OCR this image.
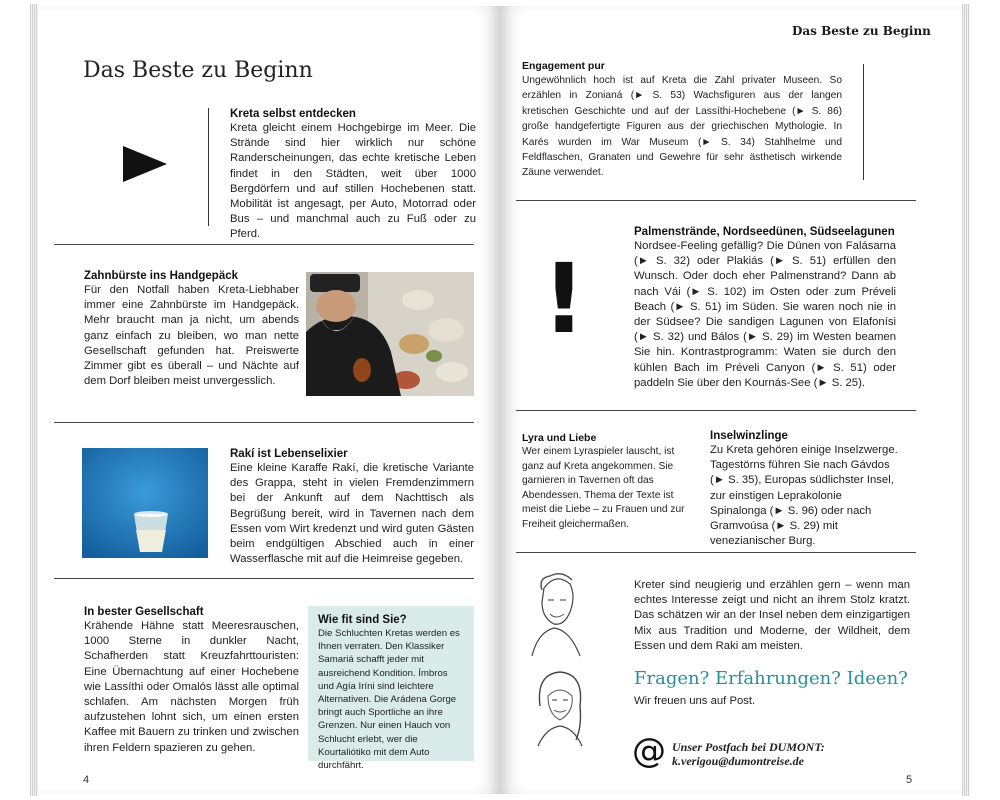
Das Beste zu Beginn
Kreta selbst entdecken

Kreta gleicht einem Hochgebirge im Meer. Die Strände sind hier wirklich nur schöne Randerscheinungen, das echte kretische Leben findet in den Städten, weit über 1000 Bergdörfern und auf stillen Hochebenen statt. Mobilität ist angesagt, per Auto, Motorrad oder Bus – und manchmal auch zu Fuß oder zu Pferd.

Zahnbürste ins Handgepäck

Für den Notfall haben Kreta-Liebhaber immer eine Zahnbürste im Handgepäck. Mehr braucht man ja nicht, um abends ganz einfach zu bleiben, wo man nette Gesellschaft gefunden hat. Preiswerte Zimmer gibt es überall – und Nächte auf dem Dorf bleiben meist unvergesslich.

Rakí ist Lebenselixier

Eine kleine Karaffe Rakí, die kretische Variante des Grappa, steht in vielen Fremdenzimmern bei der Ankunft auf dem Nachttisch als Begrüßung bereit, wird in Tavernen nach dem Essen vom Wirt kredenzt und wird guten Gästen beim endgültigen Abschied auch in einer Wasserflasche mit auf die Heimreise gegeben.

In bester Gesellschaft

Krähende Hähne statt Meeresrauschen, 1000 Sterne in dunkler Nacht, Schafherden statt Kreuzfahrttouristen: Eine Übernachtung auf einer Hochebene wie Lassíthi oder Omalós lässt alle optimal schlafen. Am nächsten Morgen früh aufzustehen lohnt sich, um einen ersten Kaffee mit Bauern zu trinken und zwischen ihren Feldern spazieren zu gehen.

Wie fit sind Sie?

Die Schluchten Kretas werden es Ihnen verraten. Den Klassiker Samariá schafft jeder mit ausreichend Kondition. Ímbros und Agía Iríni sind leichtere Alternativen. Die Arádena Gorge bringt auch Sportliche an ihre Grenzen. Nur einen Hauch von Schlucht erlebt, wer die Kourtaliótiko mit dem Auto durchfährt.

4
Das Beste zu Beginn
Engagement pur

Ungewöhnlich hoch ist auf Kreta die Zahl privater Museen. So erzählen in Zonianá (► S. 53) Wachsfiguren aus der langen kretischen Geschichte und auf der Lassíthi-Hochebene (► S. 86) große handgefertigte Figuren aus der griechischen Mythologie. In Karés wurden im War Museum (► S. 34) Stahlhelme und Feldflaschen, Granaten und Gewehre für sehr ästhetisch wirkende Zäune verwendet.

!
Palmenstrände, Nordseedünen, Südseelagunen

Nordsee-Feeling gefällig? Die Dünen von Falásarna (► S. 32) oder Plakiás (► S. 51) erfüllen den Wunsch. Oder doch eher Palmenstrand? Dann ab nach Vái (► S. 102) im Osten oder zum Préveli Beach (► S. 51) im Süden. Sie waren noch nie in der Südsee? Die sandigen Lagunen von Elafonísi (► S. 32) und Bálos (► S. 29) im Westen beamen Sie hin. Kontrastprogramm: Waten sie durch den kühlen Bach im Préveli Canyon (► S. 51) oder paddeln Sie über den Kournás-See (► S. 25).

Lyra und Liebe

Wer einem Lyraspieler lauscht, ist ganz auf Kreta angekommen. Sie garnieren in Tavernen oft das Abendessen. Thema der Texte ist meist die Liebe – zu Frauen und zur Freiheit gleichermaßen.

Inselwinzlinge

Zu Kreta gehören einige Inselzwerge. Tagestörns führen Sie nach Gávdos (► S. 35), Europas südlichster Insel, zur einstigen Leprakolonie Spinalonga (► S. 96) oder nach Gramvoúsa (► S. 29) mit venezianischer Burg.

Kreter sind neugierig und erzählen gern – wenn man echtes Interesse zeigt und nicht an ihrem Stolz kratzt. Das schätzen wir an der Insel neben dem einzigartigen Mix aus Tradition und Moderne, der Wildheit, dem Essen und dem Raki am meisten.

Fragen? Erfahrungen? Ideen?
Wir freuen uns auf Post.
@ Unser Postfach bei DUMONT:
k.verigou@dumontreise.de
5
